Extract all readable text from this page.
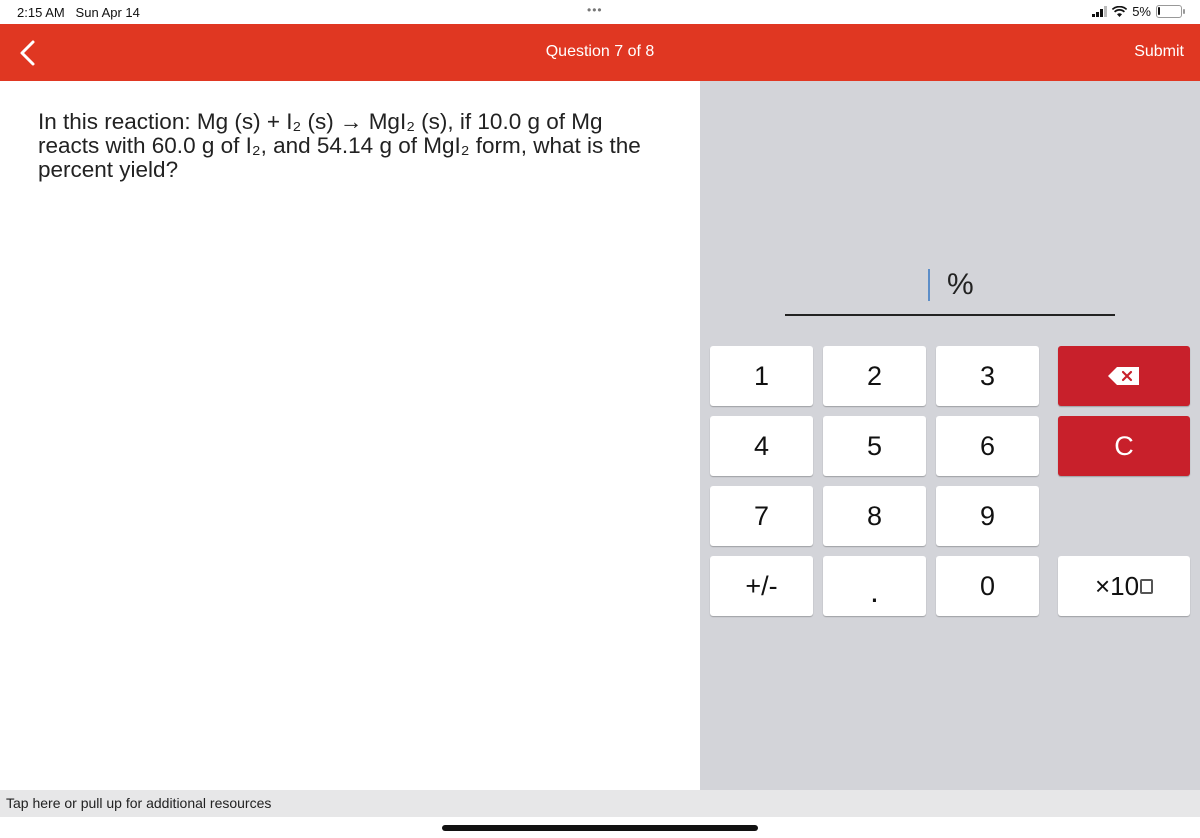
2:15 AM Sun Apr 14	•••	5%
Question 7 of 8	Submit
In this reaction: Mg (s) + I₂ (s) → MgI₂ (s), if 10.0 g of Mg
reacts with 60.0 g of I₂, and 54.14 g of MgI₂ form, what is the
percent yield?
%
1	2	3
4	5	6	C
7	8	9
+/-	.	0	×10
Tap here or pull up for additional resources
